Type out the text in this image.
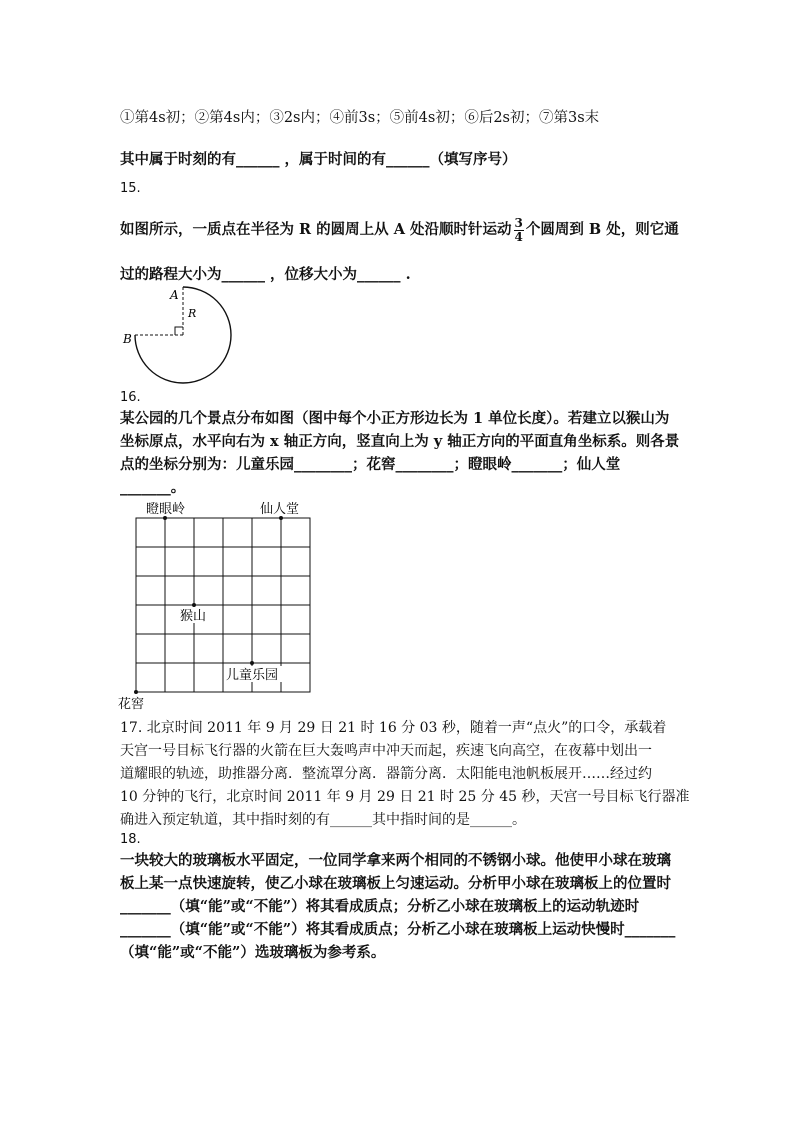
①第4s初；②第4s内；③2s内；④前3s；⑤前4s初；⑥后2s初；⑦第3s末
其中属于时刻的有______ ，属于时间的有______（填写序号）
15.
如图所示，一质点在半径为 R 的圆周上从 A 处沿顺时针运动 $\frac{3}{4}$ 个圆周到 B 处，则它通
过的路程大小为______ ，位移大小为______ .
A
R
B
16.
某公园的几个景点分布如图（图中每个小正方形边长为 1 单位长度）。若建立以猴山为
坐标原点，水平向右为 x 轴正方向，竖直向上为 y 轴正方向的平面直角坐标系。则各景
点的坐标分别为：儿童乐园________；花窖________；瞪眼岭_______；仙人堂
_______。
瞪眼岭	仙人堂
猴山
儿童乐园
花窖
17. 北京时间 2011 年 9 月 29 日 21 时 16 分 03 秒，随着一声“点火”的口令，承载着
天宫一号目标飞行器的火箭在巨大轰鸣声中冲天而起，疾速飞向高空，在夜幕中划出一
道耀眼的轨迹，助推器分离．整流罩分离．器箭分离．太阳能电池帆板展开……经过约
10 分钟的飞行，北京时间 2011 年 9 月 29 日 21 时 25 分 45 秒，天宫一号目标飞行器准
确进入预定轨道，其中指时刻的有______其中指时间的是______。
18.
一块较大的玻璃板水平固定，一位同学拿来两个相同的不锈钢小球。他使甲小球在玻璃
板上某一点快速旋转，使乙小球在玻璃板上匀速运动。分析甲小球在玻璃板上的位置时
_______（填“能”或“不能”）将其看成质点；分析乙小球在玻璃板上的运动轨迹时
_______（填“能”或“不能”）将其看成质点；分析乙小球在玻璃板上运动快慢时_______
（填“能”或“不能”）选玻璃板为参考系。
